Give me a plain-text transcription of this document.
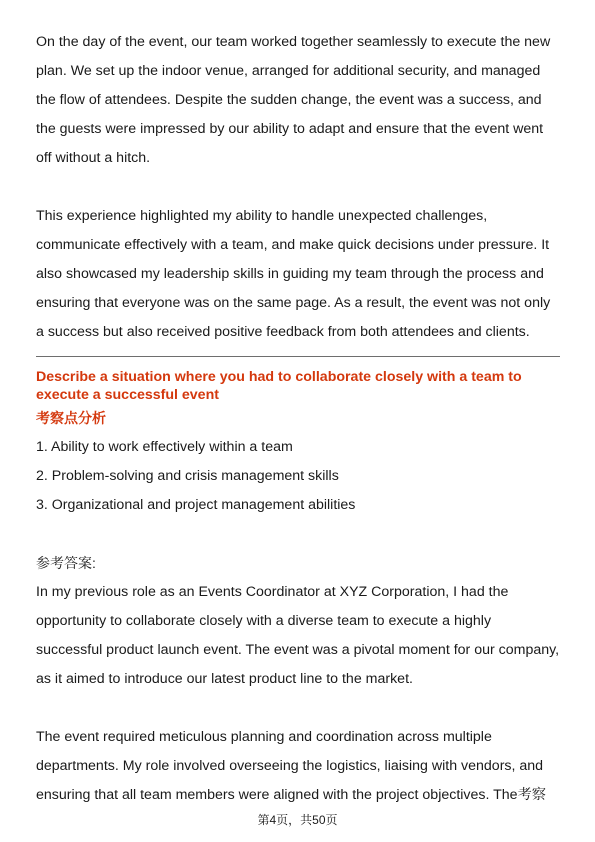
On the day of the event, our team worked together seamlessly to execute the new plan. We set up the indoor venue, arranged for additional security, and managed the flow of attendees. Despite the sudden change, the event was a success, and the guests were impressed by our ability to adapt and ensure that the event went off without a hitch.

This experience highlighted my ability to handle unexpected challenges, communicate effectively with a team, and make quick decisions under pressure. It also showcased my leadership skills in guiding my team through the process and ensuring that everyone was on the same page. As a result, the event was not only a success but also received positive feedback from both attendees and clients.

Describe a situation where you had to collaborate closely with a team to execute a successful event

考察点分析

1. Ability to work effectively within a team
2. Problem-solving and crisis management skills
3. Organizational and project management abilities

参考答案:

In my previous role as an Events Coordinator at XYZ Corporation, I had the opportunity to collaborate closely with a diverse team to execute a highly successful product launch event. The event was a pivotal moment for our company, as it aimed to introduce our latest product line to the market.

The event required meticulous planning and coordination across multiple departments. My role involved overseeing the logistics, liaising with vendors, and ensuring that all team members were aligned with the project objectives. The考察

第4页，共50页
